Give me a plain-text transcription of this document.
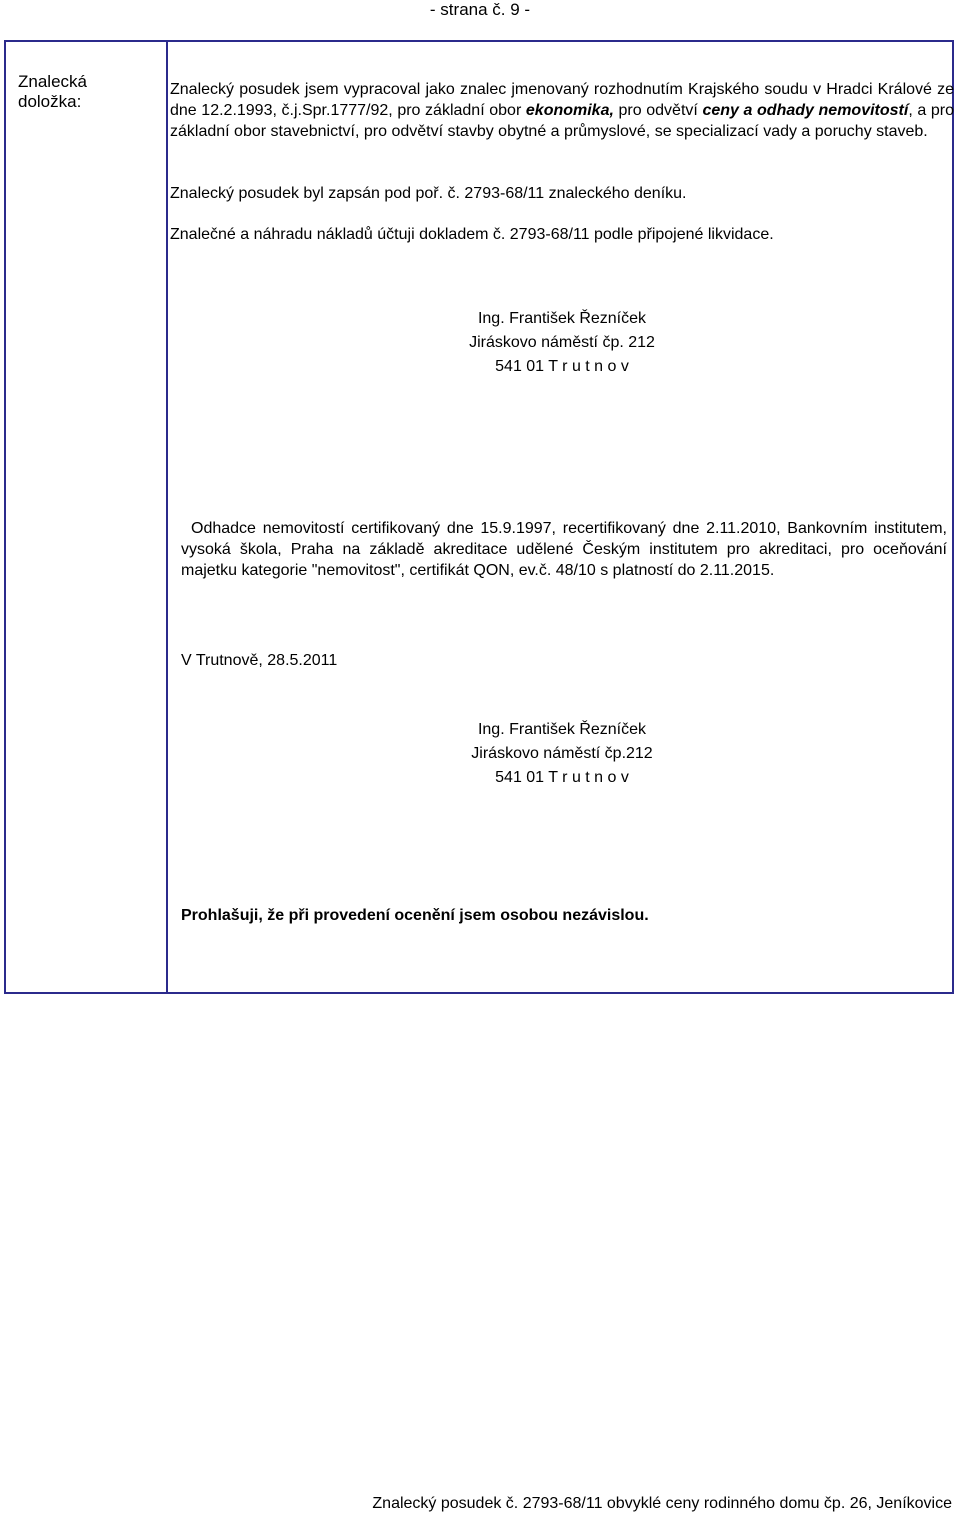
- strana č. 9 -
Znalecká
doložka:
Znalecký posudek jsem vypracoval jako znalec jmenovaný rozhodnutím Krajského soudu v Hradci Králové ze dne 12.2.1993, č.j.Spr.1777/92, pro základní obor ekonomika, pro odvětví ceny a odhady nemovitostí, a pro základní obor stavebnictví, pro odvětví stavby obytné a průmyslové, se specializací vady a poruchy staveb.
Znalecký posudek byl zapsán pod poř. č. 2793-68/11 znaleckého deníku.
Znalečné a náhradu nákladů účtuji dokladem č. 2793-68/11 podle připojené likvidace.
Ing. František Řezníček
Jiráskovo náměstí čp. 212
541 01 T r u t n o v
Odhadce nemovitostí certifikovaný dne 15.9.1997, recertifikovaný dne 2.11.2010, Bankovním institutem, vysoká škola, Praha na základě akreditace udělené Českým institutem pro akreditaci, pro oceňování majetku kategorie "nemovitost", certifikát QON, ev.č. 48/10 s platností do 2.11.2015.
V Trutnově, 28.5.2011
Ing. František Řezníček
Jiráskovo náměstí čp.212
541 01 T r u t n o v
Prohlašuji, že při provedení ocenění jsem osobou nezávislou.
Znalecký posudek č. 2793-68/11 obvyklé ceny rodinného domu čp. 26, Jeníkovice
